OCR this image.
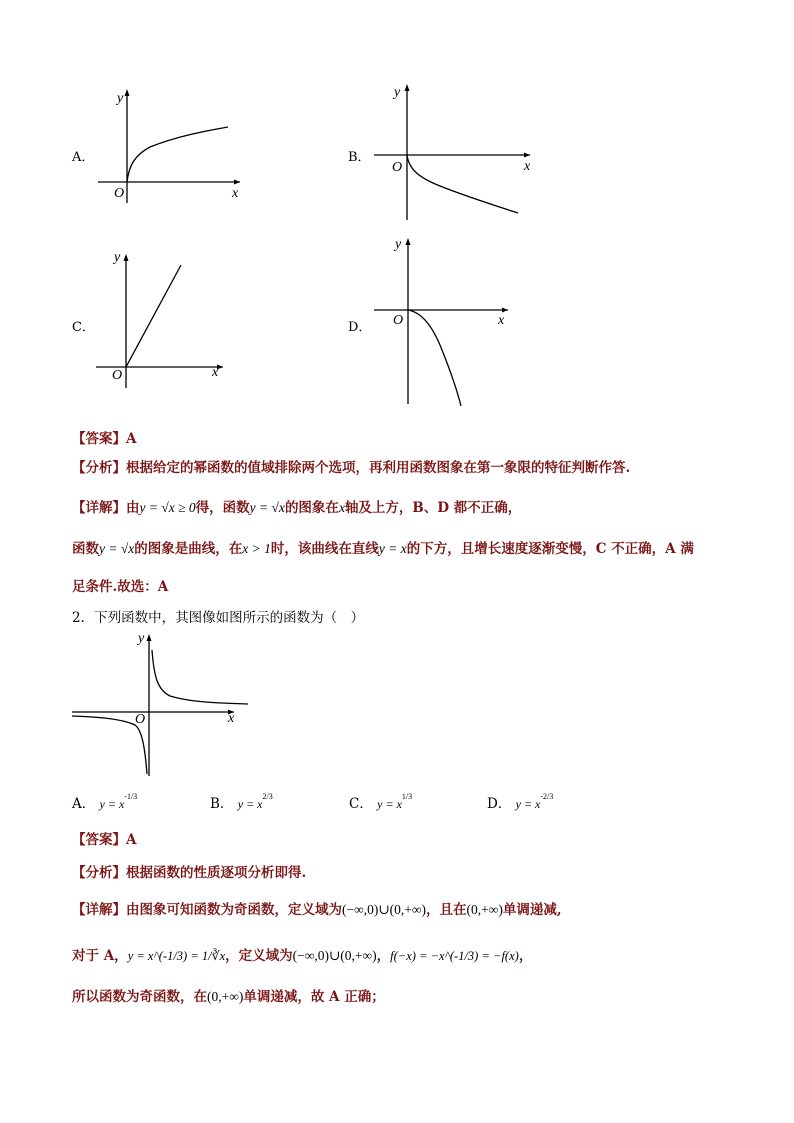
A．
y
x
O
B．
y
x
O
C．
y
x
O
D．
y
x
O
【答案】A
【分析】根据给定的幂函数的值域排除两个选项，再利用函数图象在第一象限的特征判断作答.
【详解】由y = √x ≥ 0得，函数y = √x的图象在x轴及上方，B、D 都不正确，
函数y = √x的图象是曲线，在x > 1时，该曲线在直线y = x的下方，且增长速度逐渐变慢，C 不正确，A 满
足条件.故选：A
2．下列函数中，其图像如图所示的函数为（　）
y
x
O
A． $y = x^{-1/3}$	B． $y = x^{2/3}$	C． $y = x^{1/3}$	D． $y = x^{-2/3}$
【答案】A
【分析】根据函数的性质逐项分析即得.
【详解】由图象可知函数为奇函数，定义域为(−∞,0)∪(0,+∞)，且在(0,+∞)单调递减,
对于 A，y = x^(-1/3) = 1/∛x，定义域为(−∞,0)∪(0,+∞)，f(−x) = −x^(-1/3) = −f(x)，
所以函数为奇函数，在(0,+∞)单调递减，故 A 正确；
